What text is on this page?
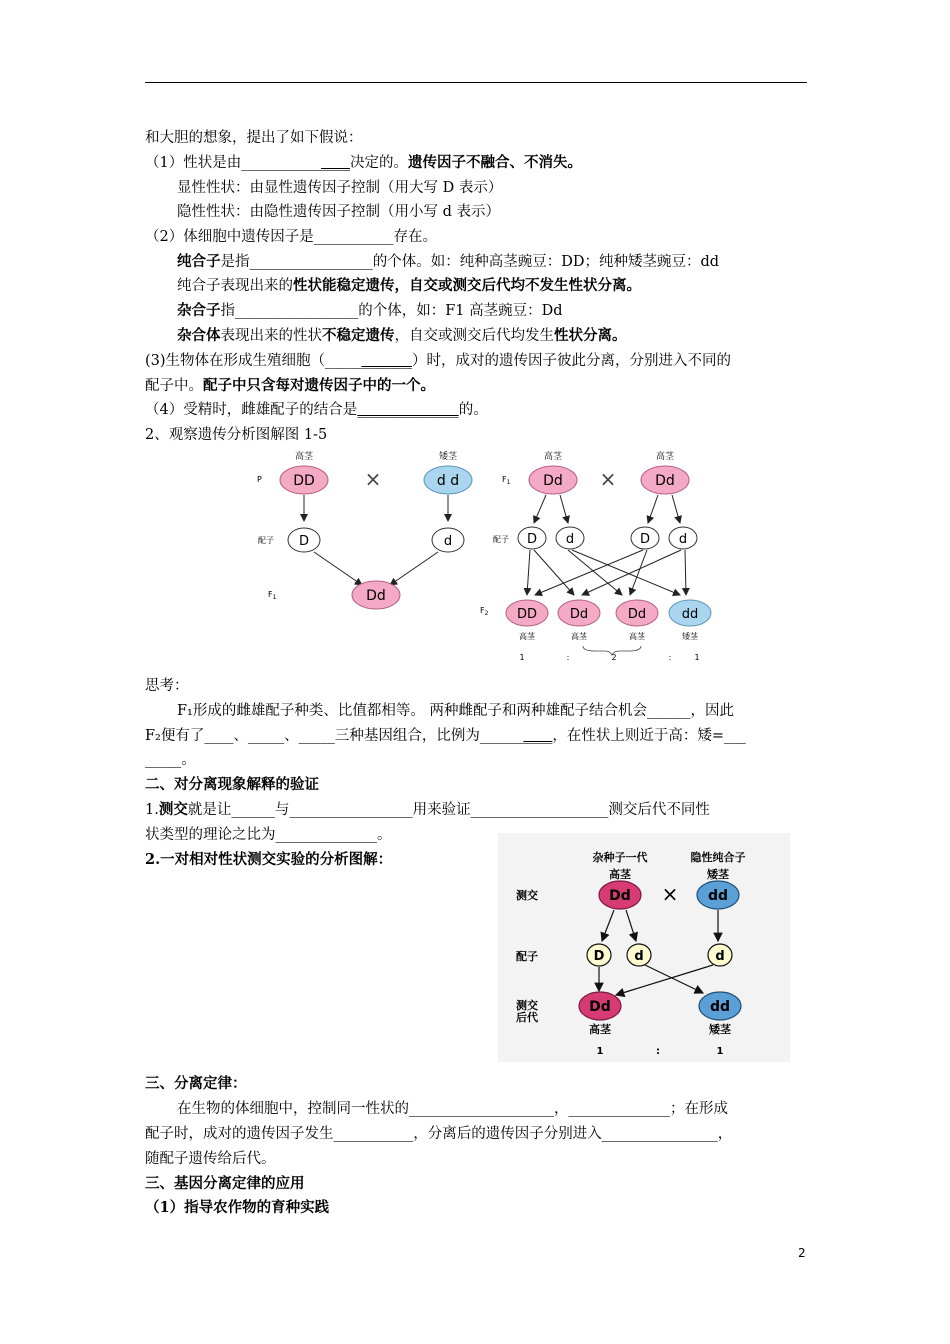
和大胆的想象，提出了如下假说：
（1）性状是由_______________决定的。遗传因子不融合、不消失。
显性性状：由显性遗传因子控制（用大写 D 表示）
隐性性状：由隐性遗传因子控制（用小写 d 表示）
（2）体细胞中遗传因子是___________存在。
纯合子是指_________________的个体。如：纯种高茎豌豆：DD；纯种矮茎豌豆：dd
纯合子表现出来的性状能稳定遗传，自交或测交后代均不发生性状分离。
杂合子指_________________的个体，如：F1 高茎豌豆：Dd
杂合体表现出来的性状不稳定遗传，自交或测交后代均发生性状分离。
(3)生物体在形成生殖细胞（____________）时，成对的遗传因子彼此分离，分别进入不同的
配子中。配子中只含每对遗传因子中的一个。
（4）受精时，雌雄配子的结合是______________的。
2、观察遗传分析图解图 1-5
高茎	矮茎
P DD ×	d d
配子 D	d
$F_1$	Dd
高茎	高茎
$F_1$ Dd ×	Dd
配子 D d	D d
$F_2$ DD	Dd	Dd	dd
高茎	高茎	高茎	矮茎
1	:	2	:	1
思考：
F₁形成的雌雄配子种类、比值都相等。 两种雌配子和两种雄配子结合机会______，因此
F₂便有了____、_____、_____三种基因组合，比例为__________，在性状上则近于高：矮=___
_____。
二、对分离现象解释的验证
1.测交就是让______与_________________用来验证___________________测交后代不同性
状类型的理论之比为______________。
2.一对相对性状测交实验的分析图解：	杂种子一代	隐性纯合子
高茎	矮茎
测交	Dd × dd
配子	D d	d
测交后代
Dd	dd
高茎	矮茎
1	:	1
三、分离定律：
在生物的体细胞中，控制同一性状的____________________，______________；在形成
配子时，成对的遗传因子发生___________，分离后的遗传因子分别进入________________，
随配子遗传给后代。
三、基因分离定律的应用
（1）指导农作物的育种实践
2
